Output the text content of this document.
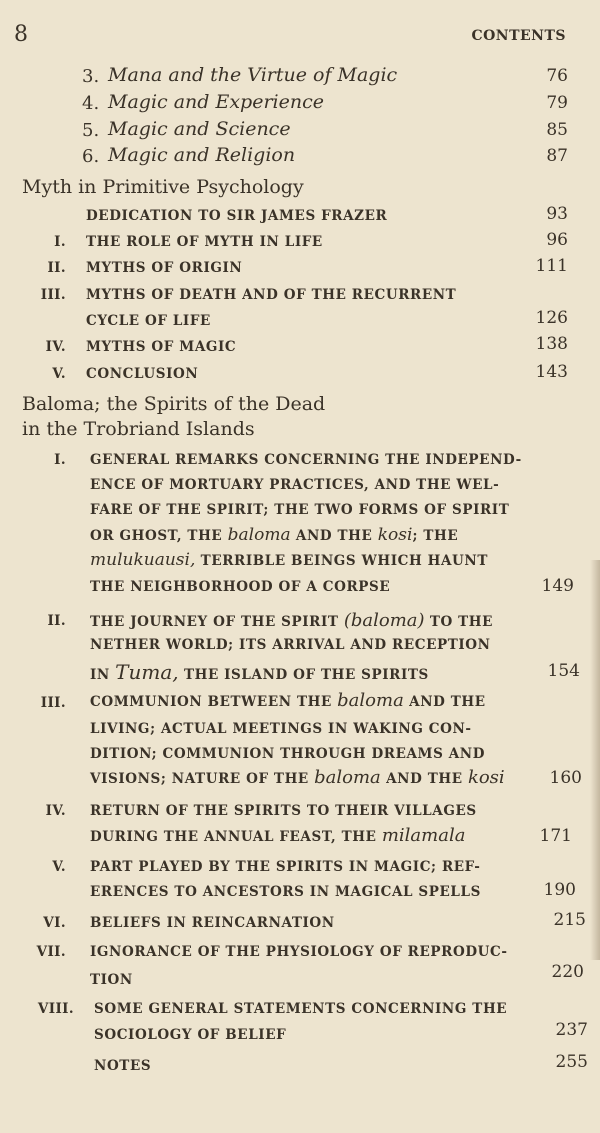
8	CONTENTS
3. Mana and the Virtue of Magic	76
4. Magic and Experience	79
5. Magic and Science	85
6. Magic and Religion	87
Myth in Primitive Psychology
DEDICATION TO SIR JAMES FRAZER	93
I. THE ROLE OF MYTH IN LIFE	96
II. MYTHS OF ORIGIN	111
III. MYTHS OF DEATH AND OF THE RECURRENT
CYCLE OF LIFE	126
IV. MYTHS OF MAGIC	138
V. CONCLUSION	143
Baloma; the Spirits of the Dead
in the Trobriand Islands
I. GENERAL REMARKS CONCERNING THE INDEPEND-
ENCE OF MORTUARY PRACTICES, AND THE WEL-
FARE OF THE SPIRIT; THE TWO FORMS OF SPIRIT
OR GHOST, THE baloma AND THE kosi; THE
mulukuausi, TERRIBLE BEINGS WHICH HAUNT
THE NEIGHBORHOOD OF A CORPSE	149
II. THE JOURNEY OF THE SPIRIT (baloma) TO THE
NETHER WORLD; ITS ARRIVAL AND RECEPTION
IN Tuma, THE ISLAND OF THE SPIRITS	154
III. COMMUNION BETWEEN THE baloma AND THE
LIVING; ACTUAL MEETINGS IN WAKING CON-
DITION; COMMUNION THROUGH DREAMS AND
VISIONS; NATURE OF THE baloma AND THE kosi	160
IV. RETURN OF THE SPIRITS TO THEIR VILLAGES
DURING THE ANNUAL FEAST, THE milamala	171
V. PART PLAYED BY THE SPIRITS IN MAGIC; REF-
ERENCES TO ANCESTORS IN MAGICAL SPELLS	190
VI. BELIEFS IN REINCARNATION	215
VII. IGNORANCE OF THE PHYSIOLOGY OF REPRODUC-
TION	220
VIII. SOME GENERAL STATEMENTS CONCERNING THE
SOCIOLOGY OF BELIEF	237
NOTES	255
